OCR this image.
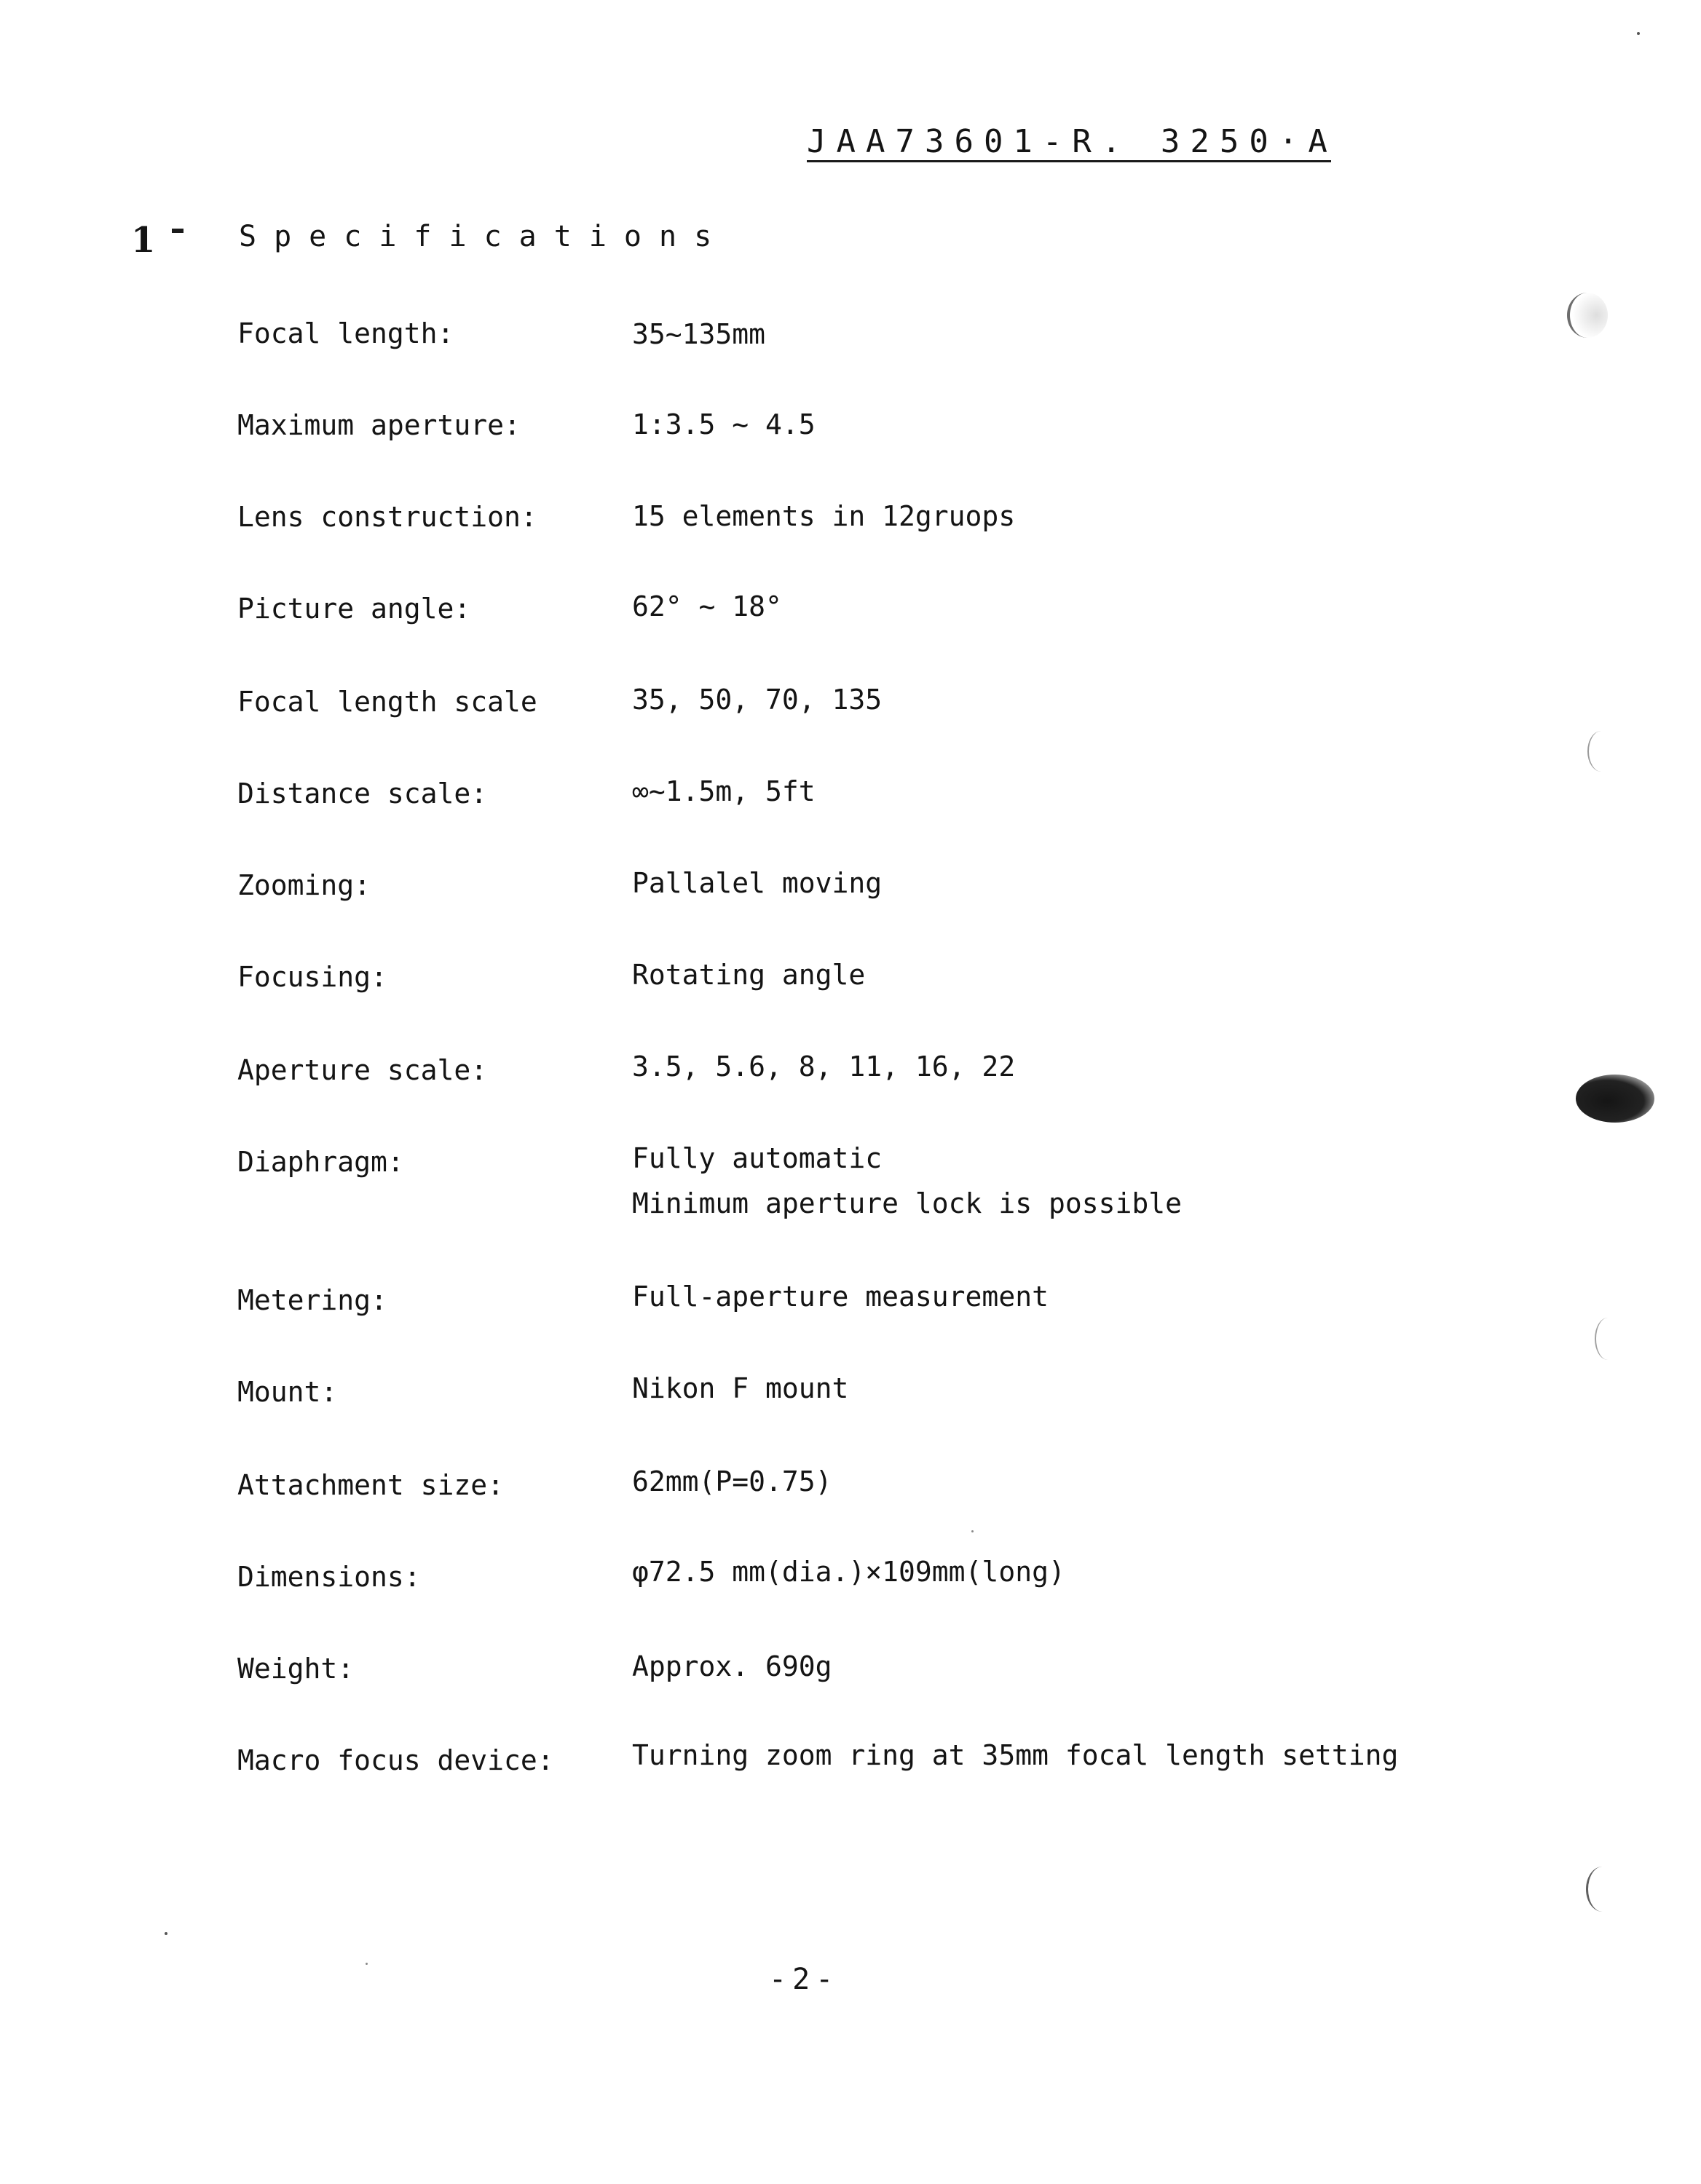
JAA73601-R. 3250·A
1	Specifications
Focal length:	35~135mm
Maximum aperture:	1:3.5 ~ 4.5
Lens construction:	15 elements in 12gruops
Picture angle:	62° ~ 18°
Focal length scale	35, 50, 70, 135
Distance scale:	∞~1.5m, 5ft
Zooming:	Pallalel moving
Focusing:	Rotating angle
Aperture scale:	3.5, 5.6, 8, 11, 16, 22
Diaphragm:	Fully automatic
Minimum aperture lock is possible
Metering:	Full-aperture measurement
Mount:	Nikon F mount
Attachment size:	62mm(P=0.75)
Dimensions:	φ72.5 mm(dia.)×109mm(long)
Weight:	Approx. 690g
Macro focus device:	Turning zoom ring at 35mm focal length setting
-2-
